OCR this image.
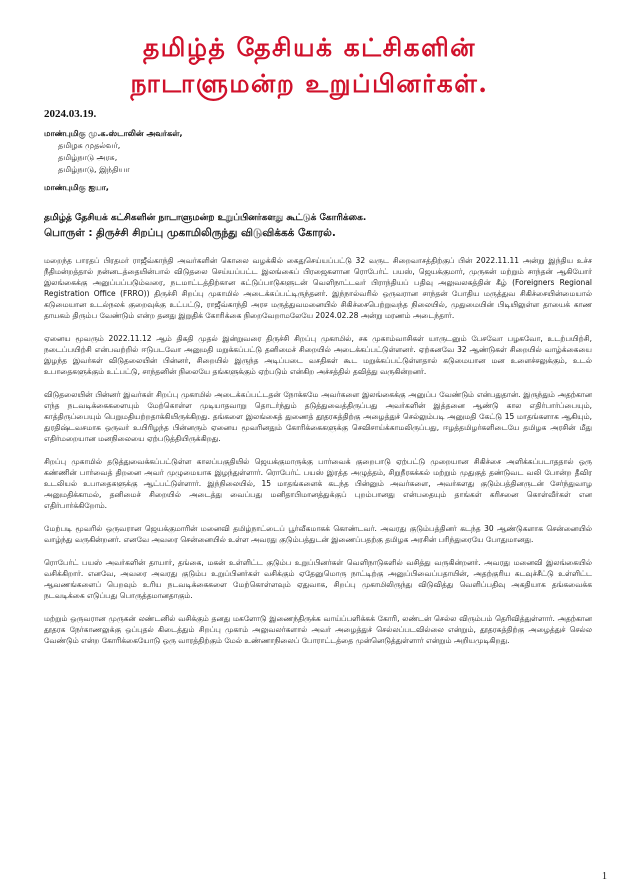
தமிழ்த் தேசியக் கட்சிகளின்
நாடாளுமன்ற உறுப்பினர்கள்.
2024.03.19.
மாண்புமிகு மு.க.ஸ்டாலின் அவர்கள்,
தமிழக முதல்வர்,
தமிழ்நாடு அரசு,
தமிழ்நாடு, இந்தியா
மாண்புமிகு ஐயா,
தமிழ்த் தேசியக் கட்சிகளின் நாடாளுமன்ற உறுப்பினர்களது கூட்டுக் கோரிக்கை.
பொருள் : திருச்சி சிறப்பு முகாமிலிருந்து விடுவிக்கக் கோரல்.

மறைந்த பாரதப் பிரதமர் ராஜீவ்காந்தி அவர்களின் கொலை வழக்கில் கைதுசெய்யப்பட்டு 32 வருட சிறைவாசத்திற்குப் பின் 2022.11.11 அன்று இந்திய உச்ச நீதிமன்றத்தால் நன்னடத்தையின்பால் விடுதலை செய்யப்பட்ட இலங்கைப் பிரஜைகளான ரொபேர்ட் பயஸ், ஜெயக்குமார், முருகன் மற்றும் சாந்தன் ஆகியோர் இலங்கைக்கு அனுப்பப்படும்வரை, நடமாட்டத்திற்கான கட்டுப்பாடுகளுடன் வெளிநாட்டவர் பிராந்தியப் பதிவு அலுவலகத்தின் கீழ் (Foreigners Regional Registration Office (FRRO)) திருச்சி சிறப்பு முகாமில் அடைக்கப்பட்டிருந்தனர். இந்நால்வரில் ஒருவரான சாந்தன் போதிய மருத்துவ சிகிச்சையின்மையால் கடுமையான உடல்நலக் குறைவுக்கு உட்பட்டு, ராஜீவ்காந்தி அரச மருத்துவமனையில் சிகிச்சைபெற்றுவந்த நிலையில், முதுமையின் பிடியிலுள்ள தாயைக் காண தாயகம் திரும்ப வேண்டும் என்ற தனது இறுதிக் கோரிக்கை நிறைவேறாமலேயே 2024.02.28 அன்று மரணம் அடைந்தார்.

ஏனைய மூவரும் 2022.11.12 ஆம் திகதி முதல் இன்றுவரை திருச்சி சிறப்பு முகாமில், சக முகாம்வாசிகள் யாருடனும் பேசவோ பழகவோ, உடற்பயிற்சி, நடைப்பயிற்சி என்பவற்றில் ஈடுபடவோ அனுமதி மறுக்கப்பட்டு தனிமைச் சிறையில் அடைக்கப்பட்டுள்ளனர். ஏற்கனவே 32 ஆண்டுகள் சிறையில் வாழ்க்கையை இழந்த இவர்கள் விடுதலையின் பின்னர், சிறையில் இருந்த அடிப்படை வசதிகள் கூட மறுக்கப்பட்டுள்ளதால் கடுமையான மன உளைச்சலுக்கும், உடல் உபாதைகளுக்கும் உட்பட்டு, சாந்தனின் நிலையே தங்களுக்கும் ஏற்படும் என்கிற அச்சத்தில் தவித்து வருகின்றனர்.

விடுதலையின் பின்னர் இவர்கள் சிறப்பு முகாமில் அடைக்கப்பட்டதன் நோக்கமே அவர்களை இலங்கைக்கு அனுப்ப வேண்டும் என்பதுதான். இருந்தும் அதற்கான எந்த நடவடிக்கைகளையும் மேற்கொள்ள முடியாதவாறு தொடர்ந்தும் தடுத்துவைத்திருப்பது அவர்களின் இத்தனை ஆண்டு கால எதிர்பார்ப்பையும், காத்திருப்பையும் பெறுமதியற்றதாக்கியிருக்கிறது. தங்களை இலங்கைத் துணைத் தூதரகத்திற்கு அழைத்துச் செல்லும்படி அனுமதி கேட்டு 15 மாதங்களாக ஆகியும், துரதிஷ்டவசமாக ஒருவர் உயிரிழந்த பின்னரும் ஏனைய மூவரினதும் கோரிக்கைகளுக்கு செவிசாய்க்காமலிருப்பது, ஈழத்தமிழர்களிடையே தமிழக அரசின் மீது எதிர்மறையான மனநிலையை ஏற்படுத்தியிருக்கிறது.

சிறப்பு முகாமில் தடுத்துவைக்கப்பட்டுள்ள காலப்பகுதியில் ஜெயக்குமாருக்கு பார்வைக் குறைபாடு ஏற்பட்டு முறையான சிகிச்சை அளிக்கப்படாததால் ஒரு கண்ணின் பார்வைத் திறனை அவர் முழுமையாக இழந்துள்ளார். ரொபேர்ட் பயஸ் இரத்த அழுத்தம், சிறுநீரகக்கல் மற்றும் முதுகுத் தண்டுவட வலி போன்ற தீவிர உடலியல் உபாதைகளுக்கு ஆட்பட்டுள்ளார். இந்நிலையில், 15 மாதங்களைக் கடந்த பின்னும் அவர்களை, அவர்களது குடும்பத்தினருடன் சேர்ந்துவாழ அனுமதிக்காமல், தனிமைச் சிறையில் அடைத்து வைப்பது மனிதாபிமானத்துக்குப் புறம்பானது என்பதையும் தாங்கள் கரிசனை கொள்வீர்கள் என எதிர்பார்க்கிறோம்.

மேற்படி மூவரில் ஒருவரான ஜெயக்குமாரின் மனைவி தமிழ்நாட்டைப் பூர்வீகமாகக் கொண்டவர். அவரது குடும்பத்தினர் கடந்த 30 ஆண்டுகளாக சென்னையில் வாழ்ந்து வருகின்றனர். எனவே அவரை சென்னையில் உள்ள அவரது குடும்பத்துடன் இணைப்பதற்கு தமிழக அரசின் பரிந்துரையே போதுமானது.

ரொபேர்ட் பயஸ் அவர்களின் தாயார், தங்கை, மகன் உள்ளிட்ட குடும்ப உறுப்பினர்கள் வெளிநாடுகளில் வசித்து வருகின்றனர். அவரது மனைவி இலங்கையில் வசிக்கிறார். எனவே, அவரை அவரது குடும்ப உறுப்பினர்கள் வசிக்கும் ஏதேனுமொரு நாட்டிற்கு அனுப்பிவைப்பதாயின், அதற்குரிய கடவுச்சீட்டு உள்ளிட்ட ஆவணங்களைப் பெறவும் உரிய நடவடிக்கைகளை மேற்கொள்ளவும் ஏதுவாக, சிறப்பு முகாமிலிருந்து விடுவித்து வெளிப்பதிவு அகதியாக தங்கவைக்க நடவடிக்கை எடுப்பது பொருத்தமானதாகும்.

மற்றும் ஒருவரான முருகன் லண்டனில் வசிக்கும் தனது மகளோடு இணைந்திருக்க வாய்ப்பளிக்கக் கோரி, லண்டன் செல்ல விரும்பம் தெரிவித்துள்ளார். அதற்கான தூதரக நேர்காணலுக்கு ஒப்புதல் கிடைத்தும் சிறப்பு முகாம் அலுவலர்களால் அவர் அழைத்துச் செல்லப்படவில்லை என்றும், தூதரகத்திற்கு அழைத்துச் செல்ல வேண்டும் என்ற கோரிக்கையோடு ஒரு வாரத்திற்கும் மேல் உண்ணாநிலைப் போராட்டத்தை முன்னெடுத்துள்ளார் என்றும் அறியமுடிகிறது.

1
